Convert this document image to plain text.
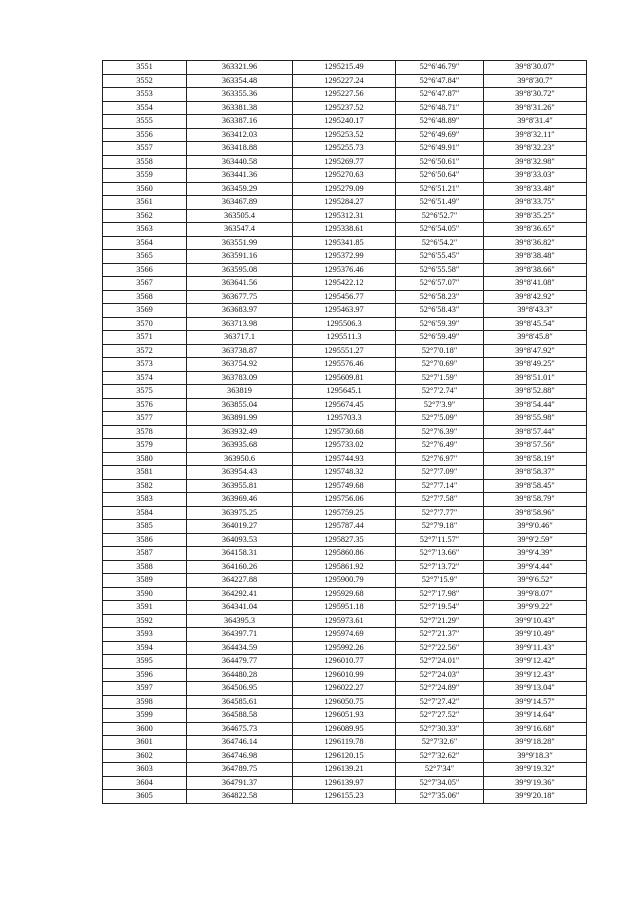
3551	363321.96	1295215.49	52°6′46.79″	39°8′30.07″
3552	363354.48	1295227.24	52°6′47.84″	39°8′30.7″
3553	363355.36	1295227.56	52°6′47.87″	39°8′30.72″
3554	363381.38	1295237.52	52°6′48.71″	39°8′31.26″
3555	363387.16	1295240.17	52°6′48.89″	39°8′31.4″
3556	363412.03	1295253.52	52°6′49.69″	39°8′32.11″
3557	363418.88	1295255.73	52°6′49.91″	39°8′32.23″
3558	363440.58	1295269.77	52°6′50.61″	39°8′32.98″
3559	363441.36	1295270.63	52°6′50.64″	39°8′33.03″
3560	363459.29	1295279.09	52°6′51.21″	39°8′33.48″
3561	363467.89	1295284.27	52°6′51.49″	39°8′33.75″
3562	363505.4	1295312.31	52°6′52.7″	39°8′35.25″
3563	363547.4	1295338.61	52°6′54.05″	39°8′36.65″
3564	363551.99	1295341.85	52°6′54.2″	39°8′36.82″
3565	363591.16	1295372.99	52°6′55.45″	39°8′38.48″
3566	363595.08	1295376.46	52°6′55.58″	39°8′38.66″
3567	363641.56	1295422.12	52°6′57.07″	39°8′41.08″
3568	363677.75	1295456.77	52°6′58.23″	39°8′42.92″
3569	363683.97	1295463.97	52°6′58.43″	39°8′43.3″
3570	363713.98	1295506.3	52°6′59.39″	39°8′45.54″
3571	363717.1	1295511.3	52°6′59.49″	39°8′45.8″
3572	363738.87	1295551.27	52°7′0.18″	39°8′47.92″
3573	363754.92	1295576.46	52°7′0.69″	39°8′49.25″
3574	363783.09	1295609.81	52°7′1.59″	39°8′51.01″
3575	363819	1295645.1	52°7′2.74″	39°8′52.88″
3576	363855.04	1295674.45	52°7′3.9″	39°8′54.44″
3577	363891.99	1295703.3	52°7′5.09″	39°8′55.98″
3578	363932.49	1295730.68	52°7′6.39″	39°8′57.44″
3579	363935.68	1295733.02	52°7′6.49″	39°8′57.56″
3580	363950.6	1295744.93	52°7′6.97″	39°8′58.19″
3581	363954.43	1295748.32	52°7′7.09″	39°8′58.37″
3582	363955.81	1295749.68	52°7′7.14″	39°8′58.45″
3583	363969.46	1295756.06	52°7′7.58″	39°8′58.79″
3584	363975.25	1295759.25	52°7′7.77″	39°8′58.96″
3585	364019.27	1295787.44	52°7′9.18″	39°9′0.46″
3586	364093.53	1295827.35	52°7′11.57″	39°9′2.59″
3587	364158.31	1295860.86	52°7′13.66″	39°9′4.39″
3588	364160.26	1295861.92	52°7′13.72″	39°9′4.44″
3589	364227.88	1295900.79	52°7′15.9″	39°9′6.52″
3590	364292.41	1295929.68	52°7′17.98″	39°9′8.07″
3591	364341.04	1295951.18	52°7′19.54″	39°9′9.22″
3592	364395.3	1295973.61	52°7′21.29″	39°9′10.43″
3593	364397.71	1295974.69	52°7′21.37″	39°9′10.49″
3594	364434.59	1295992.26	52°7′22.56″	39°9′11.43″
3595	364479.77	1296010.77	52°7′24.01″	39°9′12.42″
3596	364480.28	1296010.99	52°7′24.03″	39°9′12.43″
3597	364506.95	1296022.27	52°7′24.89″	39°9′13.04″
3598	364585.61	1296050.75	52°7′27.42″	39°9′14.57″
3599	364588.58	1296051.93	52°7′27.52″	39°9′14.64″
3600	364675.73	1296089.95	52°7′30.33″	39°9′16.68″
3601	364746.14	1296119.78	52°7′32.6″	39°9′18.28″
3602	364746.98	1296120.15	52°7′32.62″	39°9′18.3″
3603	364789.75	1296139.21	52°7′34″	39°9′19.32″
3604	364791.37	1296139.97	52°7′34.05″	39°9′19.36″
3605	364822.58	1296155.23	52°7′35.06″	39°9′20.18″
